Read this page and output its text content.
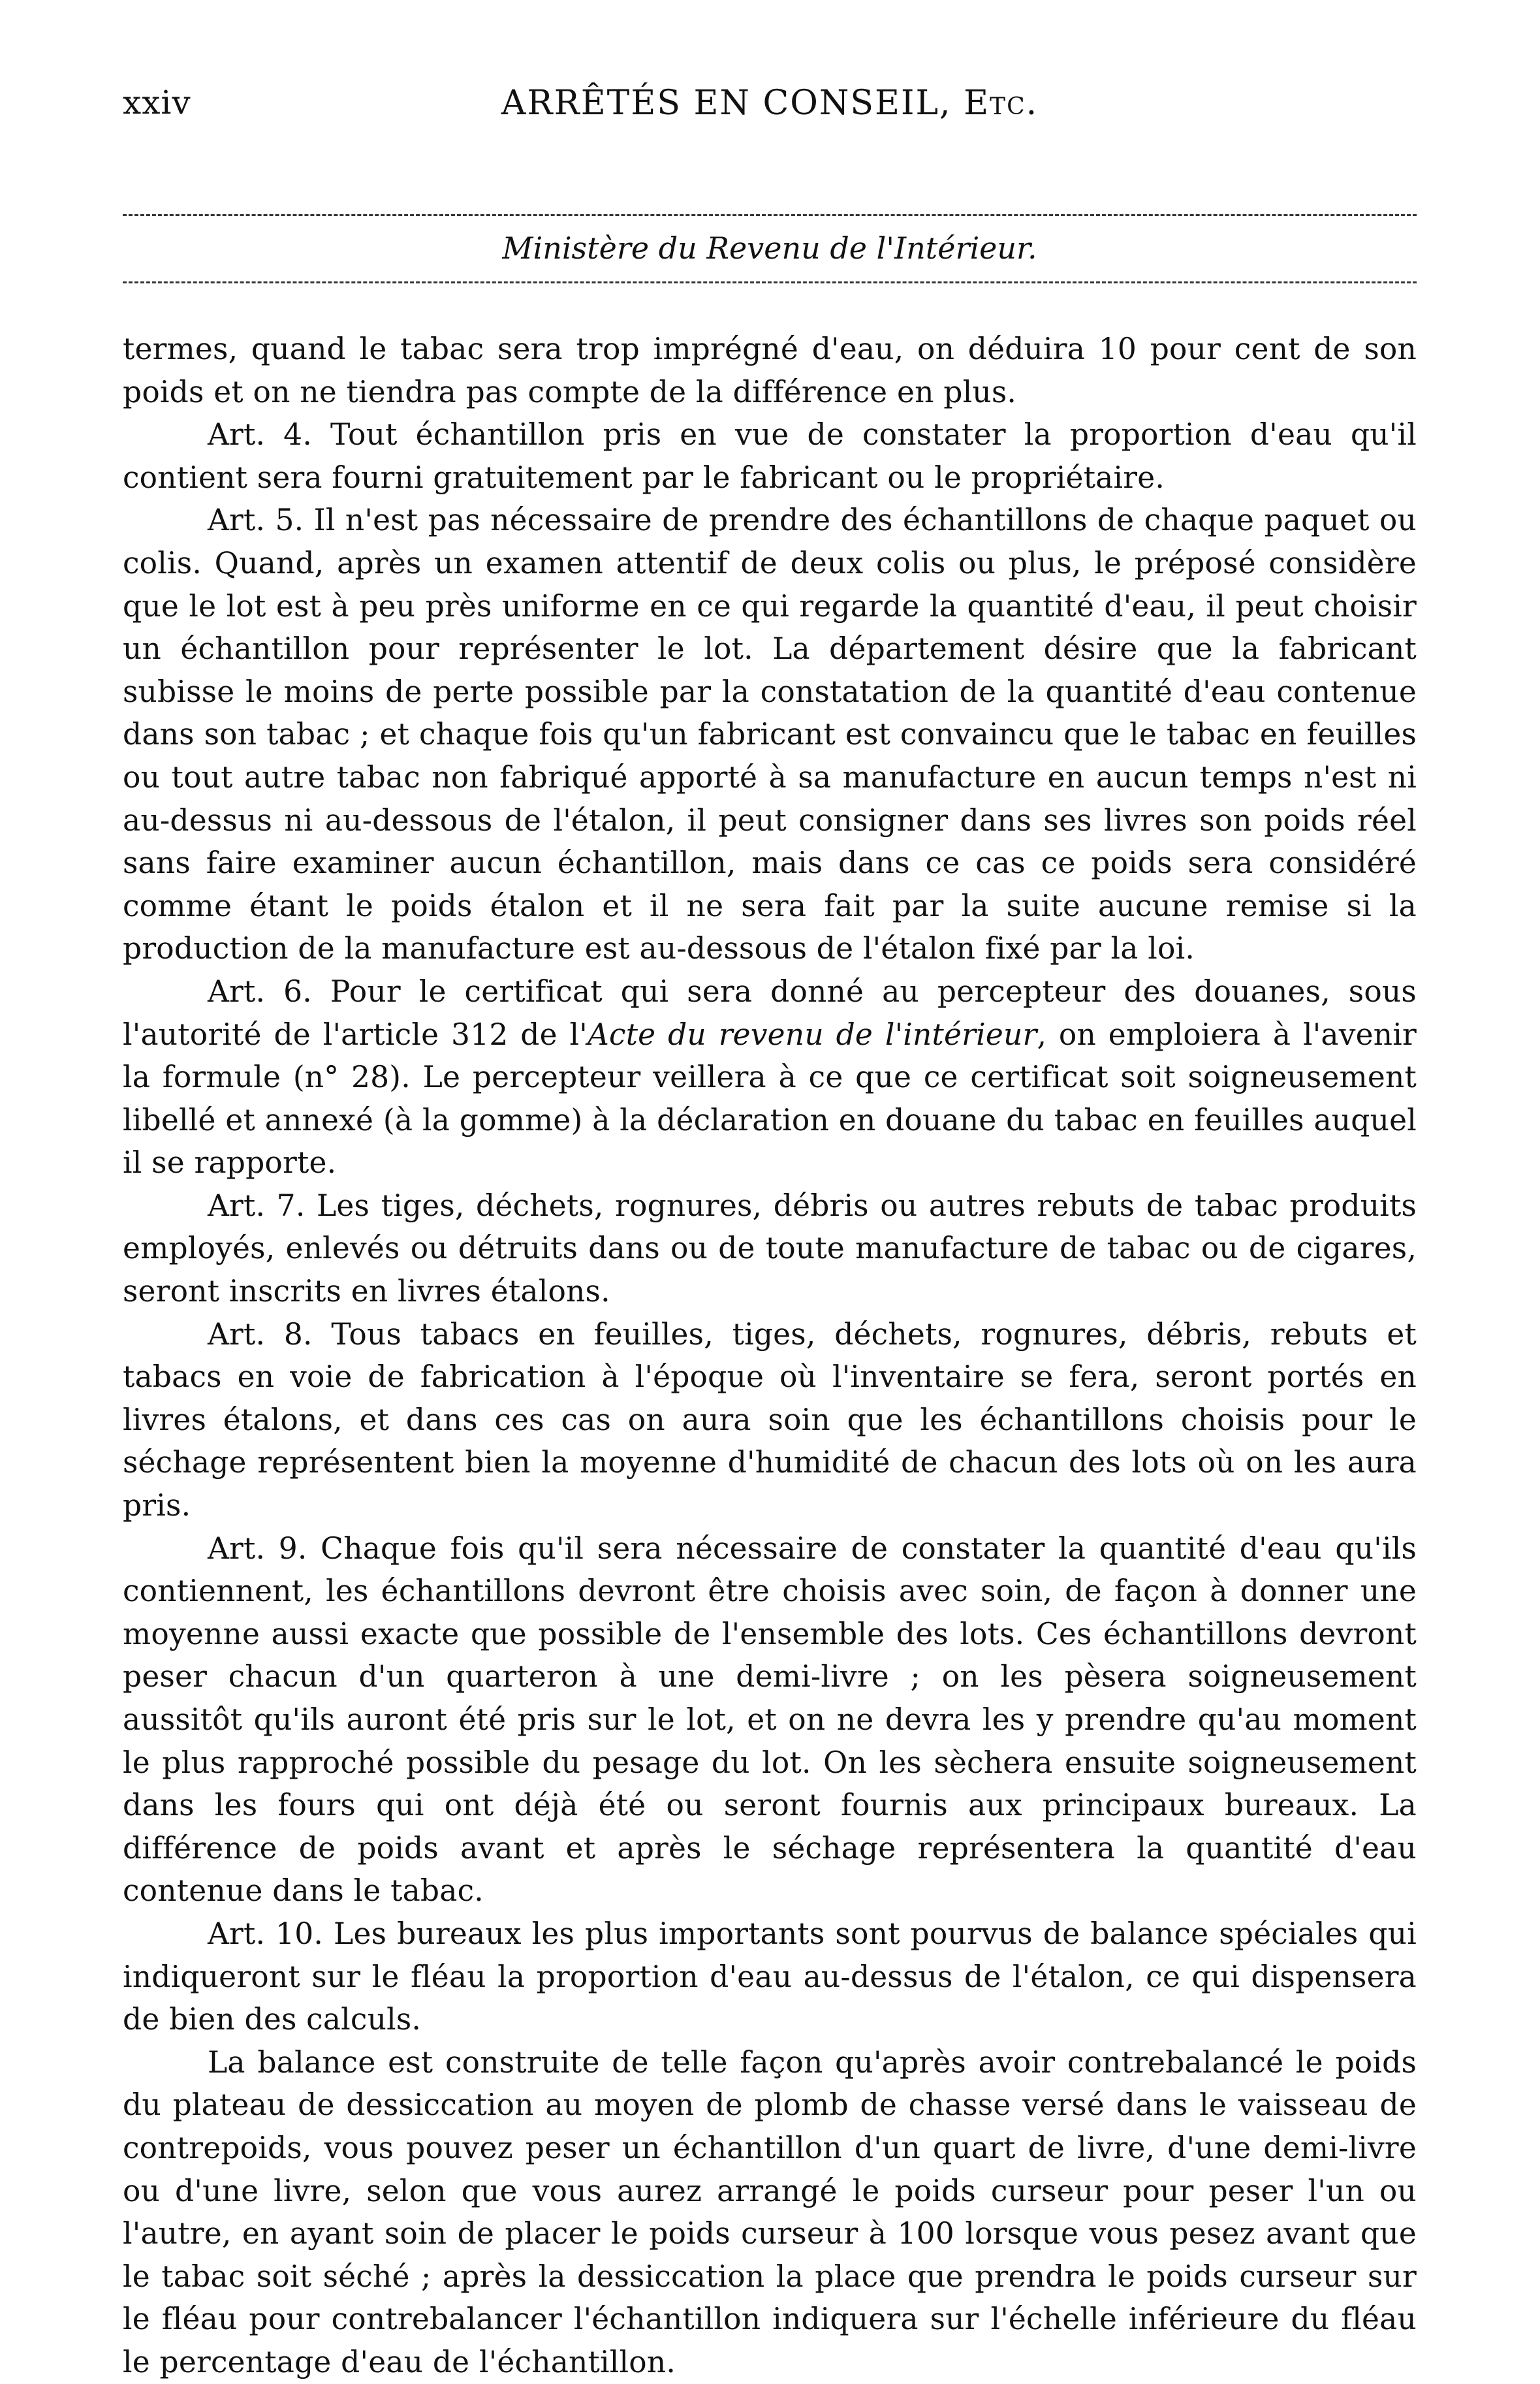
xxiv	ARRÊTÉS EN CONSEIL, Etc.
Ministère du Revenu de l'Intérieur.

termes, quand le tabac sera trop imprégné d'eau, on déduira 10 pour cent de son poids et on ne tiendra pas compte de la différence en plus.

Art. 4. Tout échantillon pris en vue de constater la proportion d'eau qu'il contient sera fourni gratuitement par le fabricant ou le propriétaire.

Art. 5. Il n'est pas nécessaire de prendre des échantillons de chaque paquet ou colis. Quand, après un examen attentif de deux colis ou plus, le préposé considère que le lot est à peu près uniforme en ce qui regarde la quantité d'eau, il peut choisir un échantillon pour représenter le lot. La département désire que la fabricant subisse le moins de perte possible par la constatation de la quantité d'eau contenue dans son tabac ; et chaque fois qu'un fabricant est convaincu que le tabac en feuilles ou tout autre tabac non fabriqué apporté à sa manufacture en aucun temps n'est ni au-dessus ni au-dessous de l'étalon, il peut consigner dans ses livres son poids réel sans faire examiner aucun échantillon, mais dans ce cas ce poids sera considéré comme étant le poids étalon et il ne sera fait par la suite aucune remise si la production de la manufacture est au-dessous de l'étalon fixé par la loi.

Art. 6. Pour le certificat qui sera donné au percepteur des douanes, sous l'autorité de l'article 312 de l'Acte du revenu de l'intérieur, on emploiera à l'avenir la formule (n° 28). Le percepteur veillera à ce que ce certificat soit soigneusement libellé et annexé (à la gomme) à la déclaration en douane du tabac en feuilles auquel il se rapporte.

Art. 7. Les tiges, déchets, rognures, débris ou autres rebuts de tabac produits employés, enlevés ou détruits dans ou de toute manufacture de tabac ou de cigares, seront inscrits en livres étalons.

Art. 8. Tous tabacs en feuilles, tiges, déchets, rognures, débris, rebuts et tabacs en voie de fabrication à l'époque où l'inventaire se fera, seront portés en livres étalons, et dans ces cas on aura soin que les échantillons choisis pour le séchage représentent bien la moyenne d'humidité de chacun des lots où on les aura pris.

Art. 9. Chaque fois qu'il sera nécessaire de constater la quantité d'eau qu'ils contiennent, les échantillons devront être choisis avec soin, de façon à donner une moyenne aussi exacte que possible de l'ensemble des lots. Ces échantillons devront peser chacun d'un quarteron à une demi-livre ; on les pèsera soigneusement aussitôt qu'ils auront été pris sur le lot, et on ne devra les y prendre qu'au moment le plus rapproché possible du pesage du lot. On les sèchera ensuite soigneusement dans les fours qui ont déjà été ou seront fournis aux principaux bureaux. La différence de poids avant et après le séchage représentera la quantité d'eau contenue dans le tabac.

Art. 10. Les bureaux les plus importants sont pourvus de balance spéciales qui indiqueront sur le fléau la proportion d'eau au-dessus de l'étalon, ce qui dispensera de bien des calculs.

La balance est construite de telle façon qu'après avoir contrebalancé le poids du plateau de dessiccation au moyen de plomb de chasse versé dans le vaisseau de contrepoids, vous pouvez peser un échantillon d'un quart de livre, d'une demi-livre ou d'une livre, selon que vous aurez arrangé le poids curseur pour peser l'un ou l'autre, en ayant soin de placer le poids curseur à 100 lorsque vous pesez avant que le tabac soit séché ; après la dessiccation la place que prendra le poids curseur sur le fléau pour contrebalancer l'échantillon indiquera sur l'échelle inférieure du fléau le percentage d'eau de l'échantillon.
